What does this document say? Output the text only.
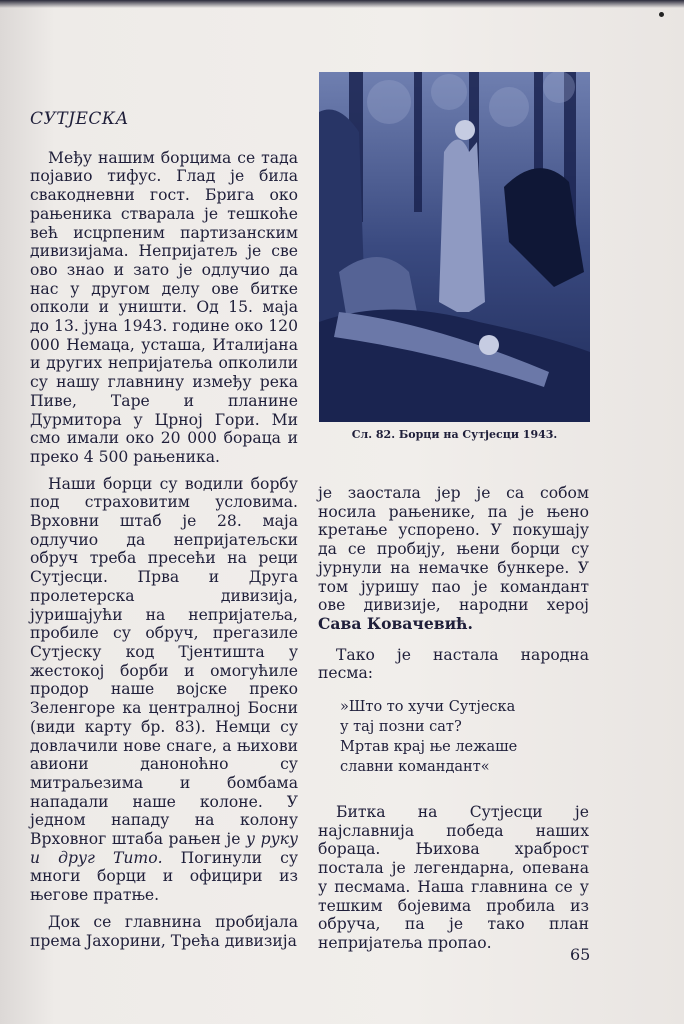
СУТЈЕСКА

Међу нашим борцима се тада појавио тифус. Глад је била свакодневни гост. Брига око рањеника стварала је тешкоће већ исцрпеним партизанским дивизијама. Непријатељ је све ово знао и зато је одлучио да нас у другом делу ове битке опколи и уништи. Од 15. маја до 13. јуна 1943. године око 120 000 Немаца, усташа, Италијана и других непријатеља опколили су нашу главнину између река Пиве, Таре и планине Дурмитора у Црној Гори. Ми смо имали око 20 000 бораца и преко 4 500 рањеника.

Наши борци су водили борбу под страховитим условима. Врховни штаб је 28. маја одлучио да непријатељски обруч треба пресећи на реци Сутјесци. Прва и Друга пролетерска дивизија, јуришајући на непријатеља, пробиле су обруч, прегазиле Сутјеску код Тјентишта у жестокој борби и омогућиле продор наше војске преко Зеленгоре ка централној Босни (види карту бр. 83). Немци су довлачили нове снаге, а њихови авиони даноноћно су митраљезима и бомбама нападали наше колоне. У једном нападу на колону Врховног штаба рањен је у руку и друг Тито. Погинули су многи борци и официри из његове пратње.

Док се главнина пробијала према Јахорини, Трећа дивизија

Сл. 82. Борци на Сутјесци 1943.

је заостала јер је са собом носила рањенике, па је њено кретање успорено. У покушају да се пробију, њени борци су јурнули на немачке бункере. У том јуришу пао је командант ове дивизије, народни херој Сава Ковачевић.

Тако је настала народна песма:

»Што то хучи Сутјеска
у тај позни сат?
Мртав крај ње лежаше
славни командант«

Битка на Сутјесци је најславнија победа наших бораца. Њихова храброст постала је легендарна, опевана у песмама. Наша главнина се у тешким бојевима пробила из обруча, па је тако план непријатеља пропао.

65
